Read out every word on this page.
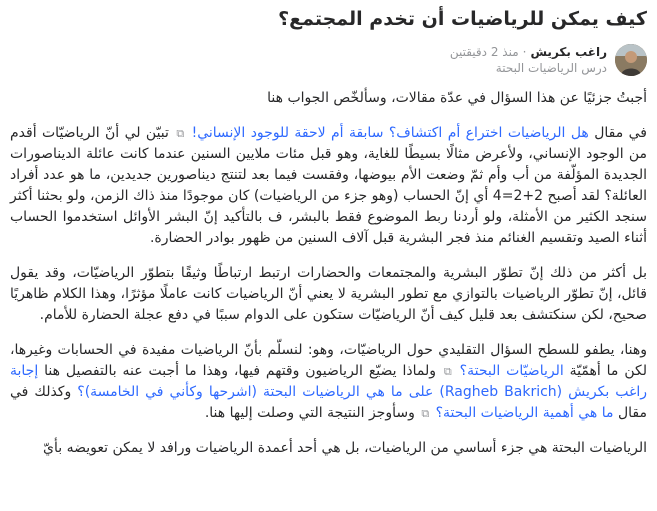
كيف يمكن للرياضيات أن تخدم المجتمع؟
راغب بكريش
·
منذ 2 دقيقتين
درس الرياضيات البحتة

أجبتُ جزئيًا عن هذا السؤال في عدّة مقالات، وسألخّص الجواب هنا

في مقال هل الرياضيات اختراع أم اكتشاف؟ سابقة أم لاحقة للوجود الإنساني! ⧉ تبيّن لي أنّ الرياضيّات أقدم من الوجود الإنساني، ولأعرض مثالًا بسيطًا للغاية، وهو قبل مئات ملايين السنين عندما كانت عائلة الديناصورات الجديدة المؤلّفة من أب وأم ثمّ وضعت الأم بيوضها، وفقست فيما بعد لتنتج ديناصورين جديدين، ما هو عدد أفراد العائلة؟ لقد أصبح 2+2=4 أي إنّ الحساب (وهو جزء من الرياضيات) كان موجودًا منذ ذاك الزمن، ولو بحثنا أكثر سنجد الكثير من الأمثلة، ولو أردنا ربط الموضوع فقط بالبشر، ف بالتأكيد إنّ البشر الأوائل استخدموا الحساب أثناء الصيد وتقسيم الغنائم منذ فجر البشرية قبل آلاف السنين من ظهور بوادر الحضارة.

بل أكثر من ذلك إنّ تطوّر البشرية والمجتمعات والحضارات ارتبط ارتباطًا وثيقًا بتطوّر الرياضيّات، وقد يقول قائل، إنّ تطوّر الرياضيات بالتوازي مع تطور البشرية لا يعني أنّ الرياضيات كانت عاملًا مؤثرًا، وهذا الكلام ظاهريًا صحيح، لكن سنكتشف بعد قليل كيف أنّ الرياضيّات ستكون على الدوام سببًا في دفع عجلة الحضارة للأمام.

وهنا، يطفو للسطح السؤال التقليدي حول الرياضيّات، وهو: لنسلّم بأنّ الرياضيات مفيدة في الحسابات وغيرها، لكن ما أهمّيّة الرياضيّات البحتة؟ ⧉ ولماذا يضيّع الرياضيون وقتهم فيها، وهذا ما أجبت عنه بالتفصيل هنا إجابة راغب بكريش (Ragheb Bakrich) على ما هي الرياضيات البحتة (اشرحها وكأني في الخامسة)؟ وكذلك في مقال ما هي أهمية الرياضيات البحتة؟ ⧉ وسأوجز النتيجة التي وصلت إليها هنا.

الرياضيات البحتة هي جزء أساسي من الرياضيات، بل هي أحد أعمدة الرياضيات ورافد لا يمكن تعويضه بأيّ
